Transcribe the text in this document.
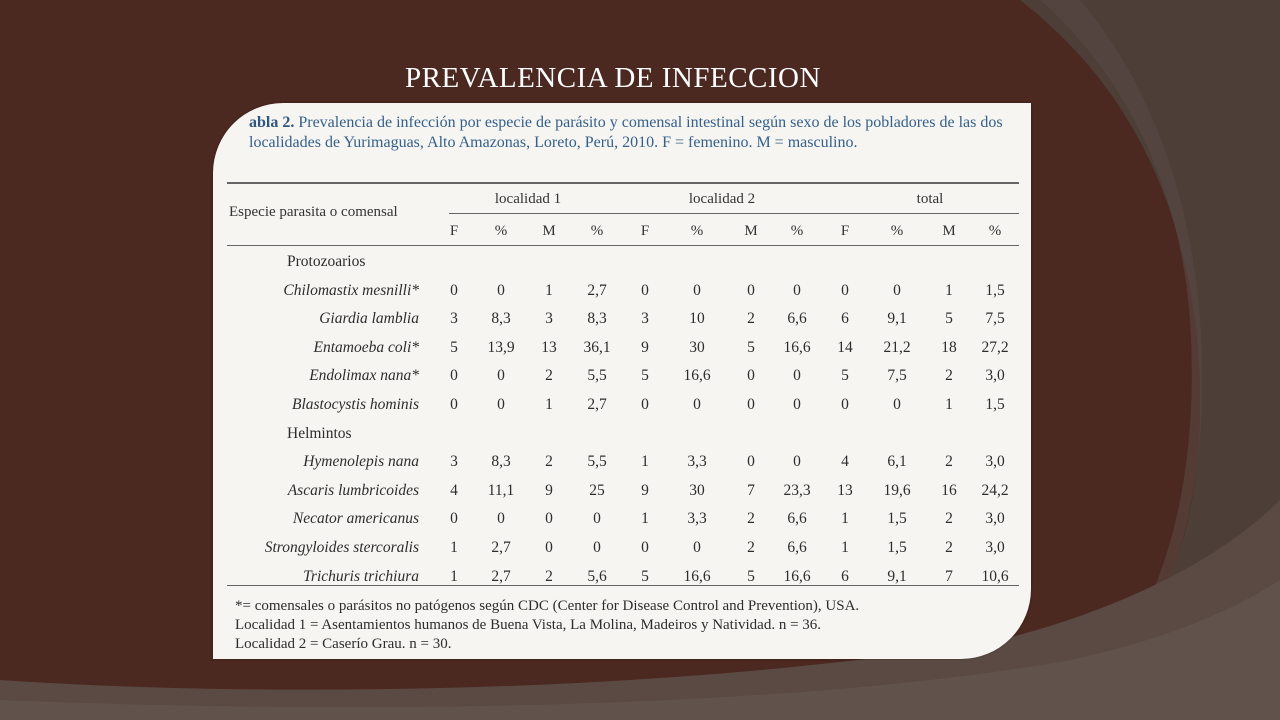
PREVALENCIA DE INFECCION
abla 2. Prevalencia de infección por especie de parásito y comensal intestinal según sexo de los pobladores de las dos localidades de Yurimaguas, Alto Amazonas, Loreto, Perú, 2010. F = femenino. M = masculino.
Especie parasita o comensal
localidad 1	localidad 2	total
F	%	M	%	F	%	M	%	F	%	M	%
Protozoarios
Chilomastix mesnilli*	0	0	1	2,7	0	0	0	0	0	0	1	1,5
Giardia lamblia	3	8,3	3	8,3	3	10	2	6,6	6	9,1	5	7,5
Entamoeba coli*	5	13,9	13	36,1	9	30	5	16,6	14	21,2	18	27,2
Endolimax nana*	0	0	2	5,5	5	16,6	0	0	5	7,5	2	3,0
Blastocystis hominis	0	0	1	2,7	0	0	0	0	0	0	1	1,5
Helmintos
Hymenolepis nana	3	8,3	2	5,5	1	3,3	0	0	4	6,1	2	3,0
Ascaris lumbricoides	4	11,1	9	25	9	30	7	23,3	13	19,6	16	24,2
Necator americanus	0	0	0	0	1	3,3	2	6,6	1	1,5	2	3,0
Strongyloides stercoralis	1	2,7	0	0	0	0	2	6,6	1	1,5	2	3,0
Trichuris trichiura	1	2,7	2	5,6	5	16,6	5	16,6	6	9,1	7	10,6
*= comensales o parásitos no patógenos según CDC (Center for Disease Control and Prevention), USA.
Localidad 1 = Asentamientos humanos de Buena Vista, La Molina, Madeiros y Natividad. n = 36.
Localidad 2 = Caserío Grau. n = 30.
